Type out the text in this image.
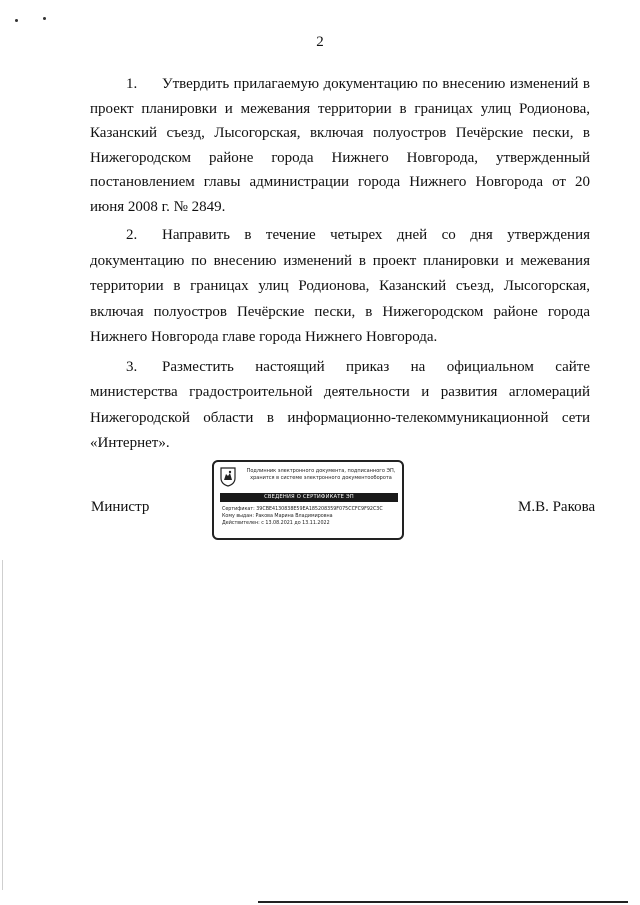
2

1. Утвердить прилагаемую документацию по внесению изменений в проект планировки и межевания территории в границах улиц Родионова, Казанский съезд, Лысогорская, включая полуостров Печёрские пески, в Нижегородском районе города Нижнего Новгорода, утвержденный постановлением главы администрации города Нижнего Новгорода от 20 июня 2008 г. № 2849.

2. Направить в течение четырех дней со дня утверждения документацию по внесению изменений в проект планировки и межевания территории в границах улиц Родионова, Казанский съезд, Лысогорская, включая полуостров Печёрские пески, в Нижегородском районе города Нижнего Новгорода главе города Нижнего Новгорода.

3. Разместить настоящий приказ на официальном сайте министерства градостроительной деятельности и развития агломераций Нижегородской области в информационно-телекоммуникационной сети «Интернет».

Министр	М.В. Ракова
Подлинник электронного документа, подписанного ЭП,
хранится в системе электронного документооборота
СВЕДЕНИЯ О СЕРТИФИКАТЕ ЭП
Сертификат: 39CBE4130838E59EA185208359F075CCFC9F92C3C
Кому выдан: Ракова Марина Владимировна
Действителен: с 13.08.2021 до 13.11.2022
